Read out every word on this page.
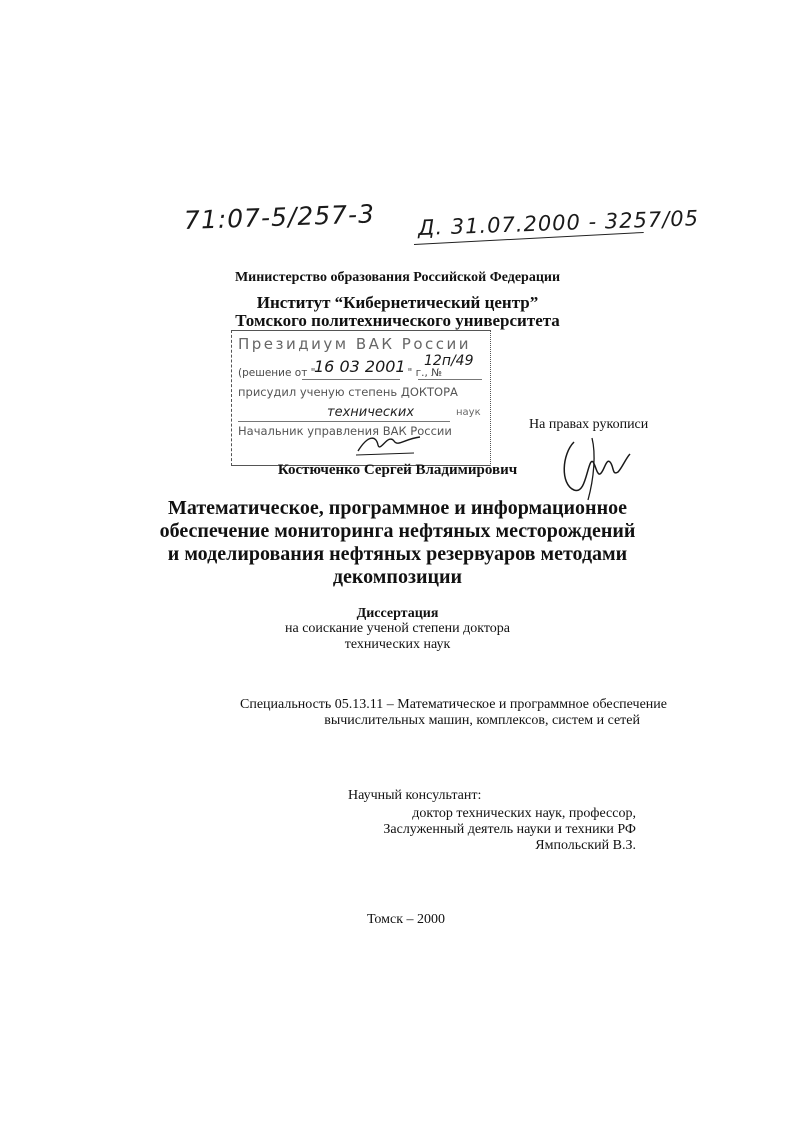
71:07-5/257-3 Д. 31.07.2000 - 3257/05
Министерство образования Российской Федерации
Институт “Кибернетический центр”
Томского политехнического университета
Президиум ВАК России
(решение от "	" г., №
16 03 2001 12п/49
присудил ученую степень ДОКТОРА
технических	наук
Начальник управления ВАК России	На правах рукописи
Костюченко Сергей Владимирович
Математическое, программное и информационное
обеспечение мониторинга нефтяных месторождений
и моделирования нефтяных резервуаров методами
декомпозиции
Диссертация
на соискание ученой степени доктора
технических наук
Специальность 05.13.11 – Математическое и программное обеспечение
вычислительных машин, комплексов, систем и сетей
Научный консультант:
доктор технических наук, профессор,
Заслуженный деятель науки и техники РФ
Ямпольский В.З.
Томск – 2000
